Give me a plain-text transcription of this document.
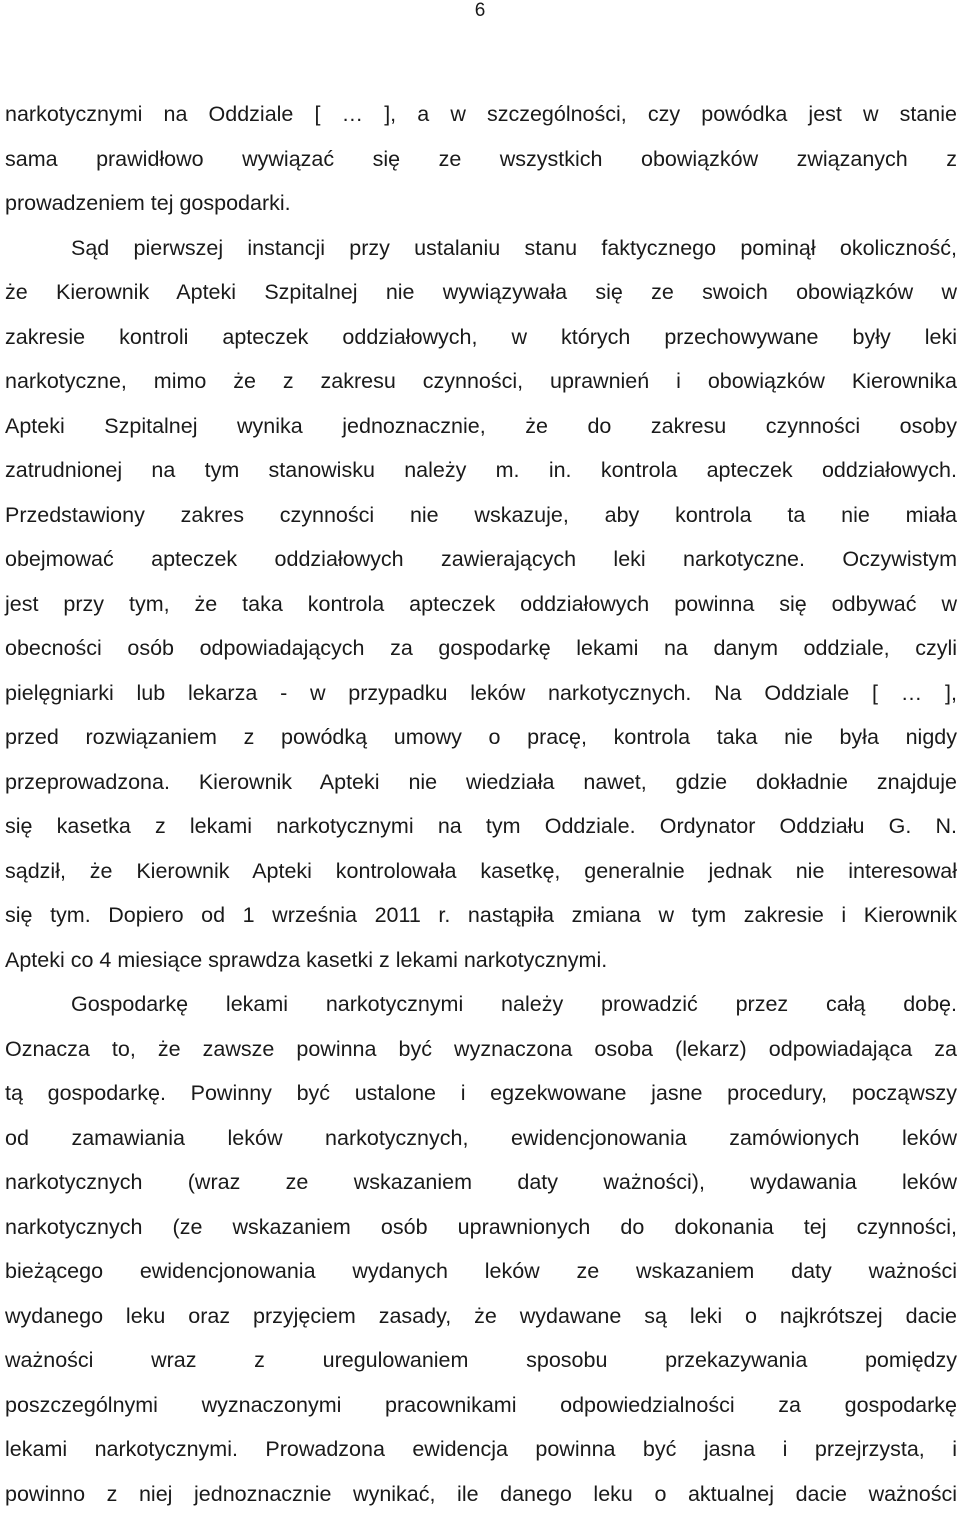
6

narkotycznymi na Oddziale [ … ], a w szczególności, czy powódka jest w stanie
sama prawidłowo wywiązać się ze wszystkich obowiązków związanych z
prowadzeniem tej gospodarki.

Sąd pierwszej instancji przy ustalaniu stanu faktycznego pominął okoliczność,
że Kierownik Apteki Szpitalnej nie wywiązywała się ze swoich obowiązków w
zakresie kontroli apteczek oddziałowych, w których przechowywane były leki
narkotyczne, mimo że z zakresu czynności, uprawnień i obowiązków Kierownika
Apteki Szpitalnej wynika jednoznacznie, że do zakresu czynności osoby
zatrudnionej na tym stanowisku należy m. in. kontrola apteczek oddziałowych.
Przedstawiony zakres czynności nie wskazuje, aby kontrola ta nie miała
obejmować apteczek oddziałowych zawierających leki narkotyczne. Oczywistym
jest przy tym, że taka kontrola apteczek oddziałowych powinna się odbywać w
obecności osób odpowiadających za gospodarkę lekami na danym oddziale, czyli
pielęgniarki lub lekarza - w przypadku leków narkotycznych. Na Oddziale [ … ],
przed rozwiązaniem z powódką umowy o pracę, kontrola taka nie była nigdy
przeprowadzona. Kierownik Apteki nie wiedziała nawet, gdzie dokładnie znajduje
się kasetka z lekami narkotycznymi na tym Oddziale. Ordynator Oddziału G. N.
sądził, że Kierownik Apteki kontrolowała kasetkę, generalnie jednak nie interesował
się tym. Dopiero od 1 września 2011 r. nastąpiła zmiana w tym zakresie i Kierownik
Apteki co 4 miesiące sprawdza kasetki z lekami narkotycznymi.

Gospodarkę lekami narkotycznymi należy prowadzić przez całą dobę.
Oznacza to, że zawsze powinna być wyznaczona osoba (lekarz) odpowiadająca za
tą gospodarkę. Powinny być ustalone i egzekwowane jasne procedury, począwszy
od zamawiania leków narkotycznych, ewidencjonowania zamówionych leków
narkotycznych (wraz ze wskazaniem daty ważności), wydawania leków
narkotycznych (ze wskazaniem osób uprawnionych do dokonania tej czynności,
bieżącego ewidencjonowania wydanych leków ze wskazaniem daty ważności
wydanego leku oraz przyjęciem zasady, że wydawane są leki o najkrótszej dacie
ważności wraz z uregulowaniem sposobu przekazywania pomiędzy
poszczególnymi wyznaczonymi pracownikami odpowiedzialności za gospodarkę
lekami narkotycznymi. Prowadzona ewidencja powinna być jasna i przejrzysta, i
powinno z niej jednoznacznie wynikać, ile danego leku o aktualnej dacie ważności
